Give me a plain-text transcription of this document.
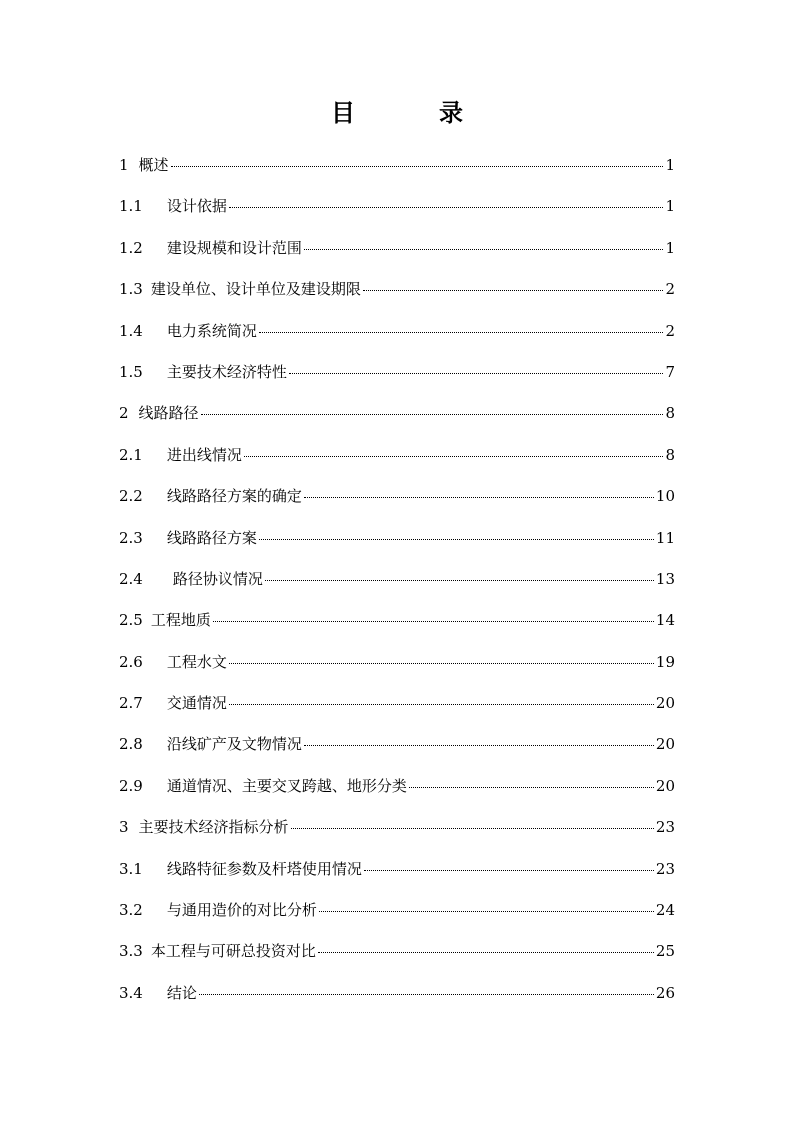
目　录
1 概述	1
1.1 设计依据	1
1.2 建设规模和设计范围	1
1.3 建设单位、设计单位及建设期限	2
1.4 电力系统简况	2
1.5 主要技术经济特性	7
2 线路路径	8
2.1 进出线情况	8
2.2 线路路径方案的确定	10
2.3 线路路径方案	11
2.4 路径协议情况	13
2.5 工程地质	14
2.6 工程水文	19
2.7 交通情况	20
2.8 沿线矿产及文物情况	20
2.9 通道情况、主要交叉跨越、地形分类	20
3 主要技术经济指标分析	23
3.1 线路特征参数及杆塔使用情况	23
3.2 与通用造价的对比分析	24
3.3 本工程与可研总投资对比	25
3.4 结论	26
